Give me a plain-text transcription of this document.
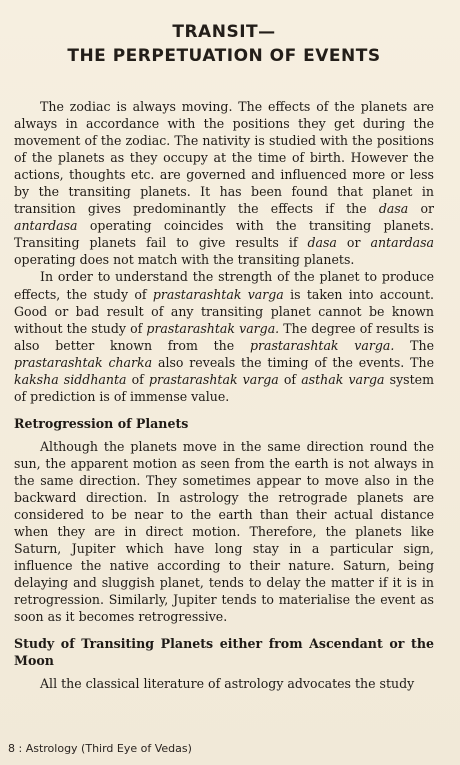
TRANSIT—
THE PERPETUATION OF EVENTS

The zodiac is always moving. The effects of the planets are always in accordance with the positions they get during the movement of the zodiac. The nativity is studied with the positions of the planets as they occupy at the time of birth. However the actions, thoughts etc. are governed and influenced more or less by the transiting planets. It has been found that planet in transition gives predominantly the effects if the dasa or antardasa operating coincides with the transiting planets. Transiting planets fail to give results if dasa or antardasa operating does not match with the transiting planets.

In order to understand the strength of the planet to produce effects, the study of prastarashtak varga is taken into account. Good or bad result of any transiting planet cannot be known without the study of prastarashtak varga. The degree of results is also better known from the prastarashtak varga. The prastarashtak charka also reveals the timing of the events. The kaksha siddhanta of prastarashtak varga of asthak varga system of prediction is of immense value.

Retrogression of Planets

Although the planets move in the same direction round the sun, the apparent motion as seen from the earth is not always in the same direction. They sometimes appear to move also in the backward direction. In astrology the retrograde planets are considered to be near to the earth than their actual distance when they are in direct motion. Therefore, the planets like Saturn, Jupiter which have long stay in a particular sign, influence the native according to their nature. Saturn, being delaying and sluggish planet, tends to delay the matter if it is in retrogression. Similarly, Jupiter tends to materialise the event as soon as it becomes retrogressive.

Study of Transiting Planets either from Ascendant or the Moon

All the classical literature of astrology advocates the study

8 : Astrology (Third Eye of Vedas)
